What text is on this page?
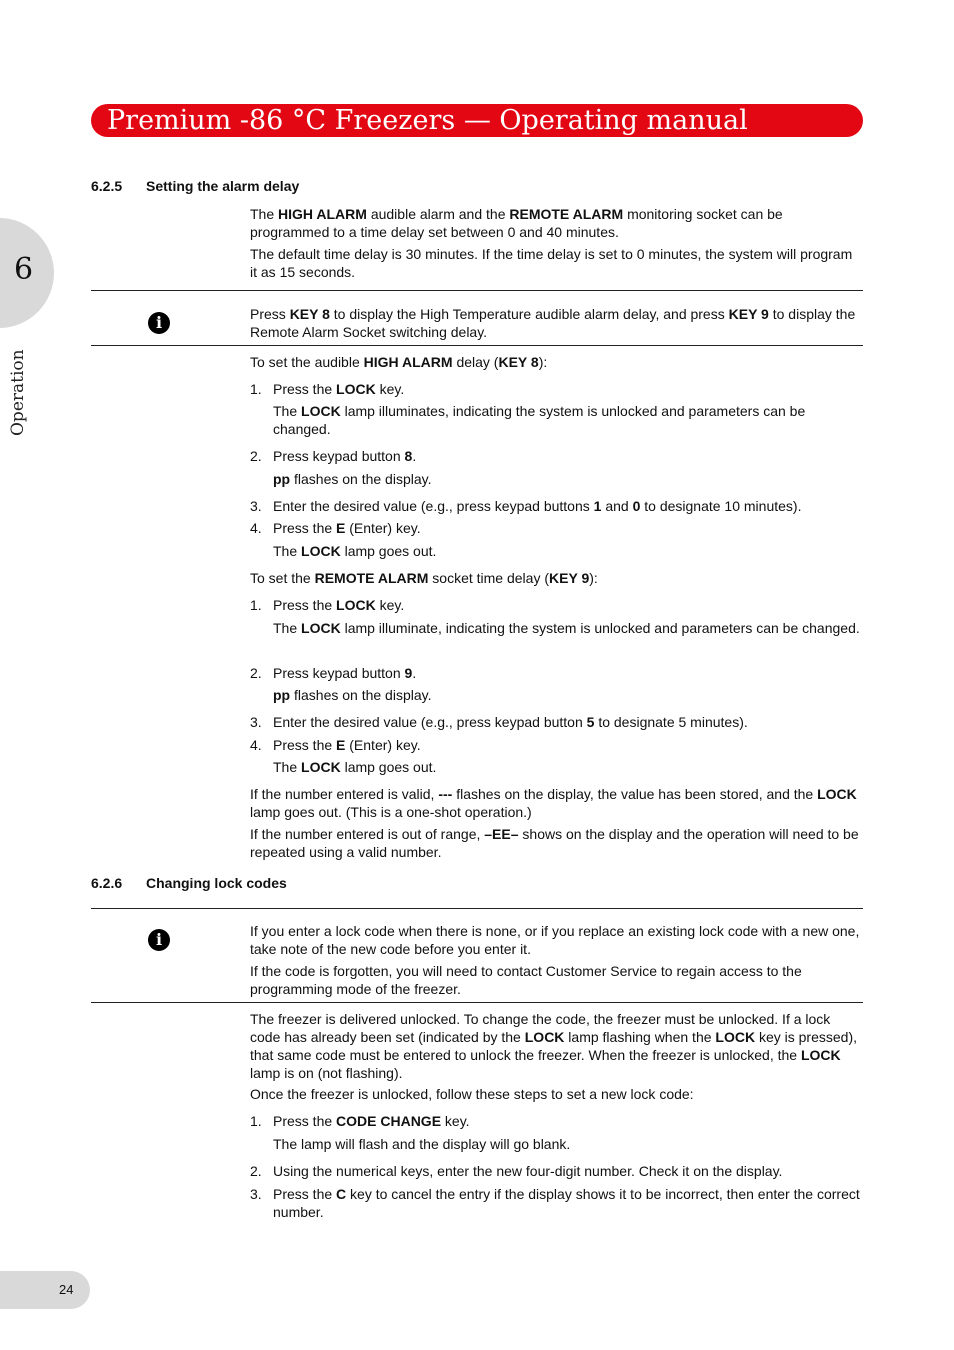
Premium -86 °C Freezers — Operating manual
6
Operation
6.2.5 Setting the alarm delay
The HIGH ALARM audible alarm and the REMOTE ALARM monitoring socket can be programmed to a time delay set between 0 and 40 minutes.
The default time delay is 30 minutes. If the time delay is set to 0 minutes, the system will program it as 15 seconds.
i	Press KEY 8 to display the High Temperature audible alarm delay, and press KEY 9 to display the Remote Alarm Socket switching delay.
To set the audible HIGH ALARM delay (KEY 8):
1. Press the LOCK key.
The LOCK lamp illuminates, indicating the system is unlocked and parameters can be changed.
2. Press keypad button 8.
pp flashes on the display.
3. Enter the desired value (e.g., press keypad buttons 1 and 0 to designate 10 minutes).
4. Press the E (Enter) key.
The LOCK lamp goes out.
To set the REMOTE ALARM socket time delay (KEY 9):
1. Press the LOCK key.
The LOCK lamp illuminate, indicating the system is unlocked and parameters can be changed.
2. Press keypad button 9.
pp flashes on the display.
3. Enter the desired value (e.g., press keypad button 5 to designate 5 minutes).
4. Press the E (Enter) key.
The LOCK lamp goes out.
If the number entered is valid, --- flashes on the display, the value has been stored, and the LOCK lamp goes out. (This is a one-shot operation.)
If the number entered is out of range, –EE– shows on the display and the operation will need to be repeated using a valid number.
6.2.6 Changing lock codes
i	If you enter a lock code when there is none, or if you replace an existing lock code with a new one, take note of the new code before you enter it.
If the code is forgotten, you will need to contact Customer Service to regain access to the programming mode of the freezer.
The freezer is delivered unlocked. To change the code, the freezer must be unlocked. If a lock code has already been set (indicated by the LOCK lamp flashing when the LOCK key is pressed), that same code must be entered to unlock the freezer. When the freezer is unlocked, the LOCK lamp is on (not flashing).
Once the freezer is unlocked, follow these steps to set a new lock code:
1. Press the CODE CHANGE key.
The lamp will flash and the display will go blank.
2. Using the numerical keys, enter the new four-digit number. Check it on the display.
3. Press the C key to cancel the entry if the display shows it to be incorrect, then enter the correct number.
24
